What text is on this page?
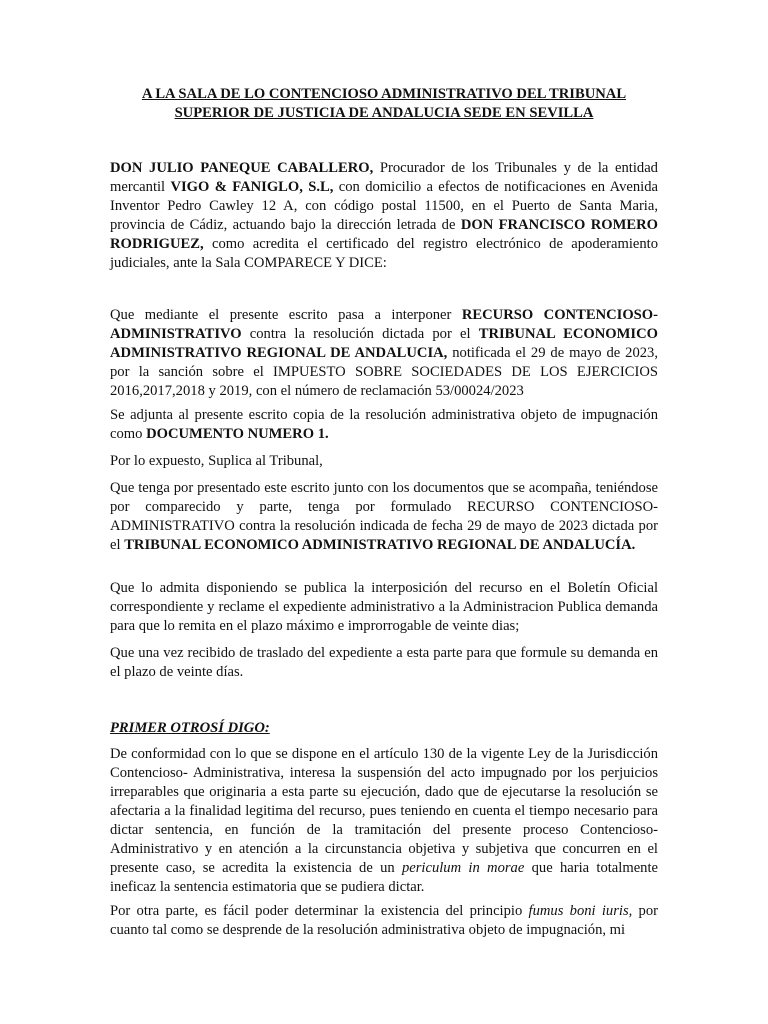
A LA SALA DE LO CONTENCIOSO ADMINISTRATIVO DEL TRIBUNAL
SUPERIOR DE JUSTICIA DE ANDALUCIA SEDE EN SEVILLA

DON JULIO PANEQUE CABALLERO, Procurador de los Tribunales y de la entidad mercantil VIGO & FANIGLO, S.L, con domicilio a efectos de notificaciones en Avenida Inventor Pedro Cawley 12 A, con código postal 11500, en el Puerto de Santa Maria, provincia de Cádiz, actuando bajo la dirección letrada de DON FRANCISCO ROMERO RODRIGUEZ, como acredita el certificado del registro electrónico de apoderamiento judiciales, ante la Sala COMPARECE Y DICE:

Que mediante el presente escrito pasa a interponer RECURSO CONTENCIOSO-ADMINISTRATIVO contra la resolución dictada por el TRIBUNAL ECONOMICO ADMINISTRATIVO REGIONAL DE ANDALUCIA, notificada el 29 de mayo de 2023, por la sanción sobre el IMPUESTO SOBRE SOCIEDADES DE LOS EJERCICIOS 2016,2017,2018 y 2019, con el número de reclamación 53/00024/2023

Se adjunta al presente escrito copia de la resolución administrativa objeto de impugnación como DOCUMENTO NUMERO 1.

Por lo expuesto, Suplica al Tribunal,

Que tenga por presentado este escrito junto con los documentos que se acompaña, teniéndose por comparecido y parte, tenga por formulado RECURSO CONTENCIOSO- ADMINISTRATIVO contra la resolución indicada de fecha 29 de mayo de 2023 dictada por el TRIBUNAL ECONOMICO ADMINISTRATIVO REGIONAL DE ANDALUCÍA.

Que lo admita disponiendo se publica la interposición del recurso en el Boletín Oficial correspondiente y reclame el expediente administrativo a la Administracion Publica demanda para que lo remita en el plazo máximo e improrrogable de veinte dias;

Que una vez recibido de traslado del expediente a esta parte para que formule su demanda en el plazo de veinte días.

PRIMER OTROSÍ DIGO:

De conformidad con lo que se dispone en el artículo 130 de la vigente Ley de la Jurisdicción Contencioso- Administrativa, interesa la suspensión del acto impugnado por los perjuicios irreparables que originaria a esta parte su ejecución, dado que de ejecutarse la resolución se afectaria a la finalidad legitima del recurso, pues teniendo en cuenta el tiempo necesario para dictar sentencia, en función de la tramitación del presente proceso Contencioso-Administrativo y en atención a la circunstancia objetiva y subjetiva que concurren en el presente caso, se acredita la existencia de un periculum in morae que haria totalmente ineficaz la sentencia estimatoria que se pudiera dictar.

Por otra parte, es fácil poder determinar la existencia del principio fumus boni iuris, por cuanto tal como se desprende de la resolución administrativa objeto de impugnación, mi
